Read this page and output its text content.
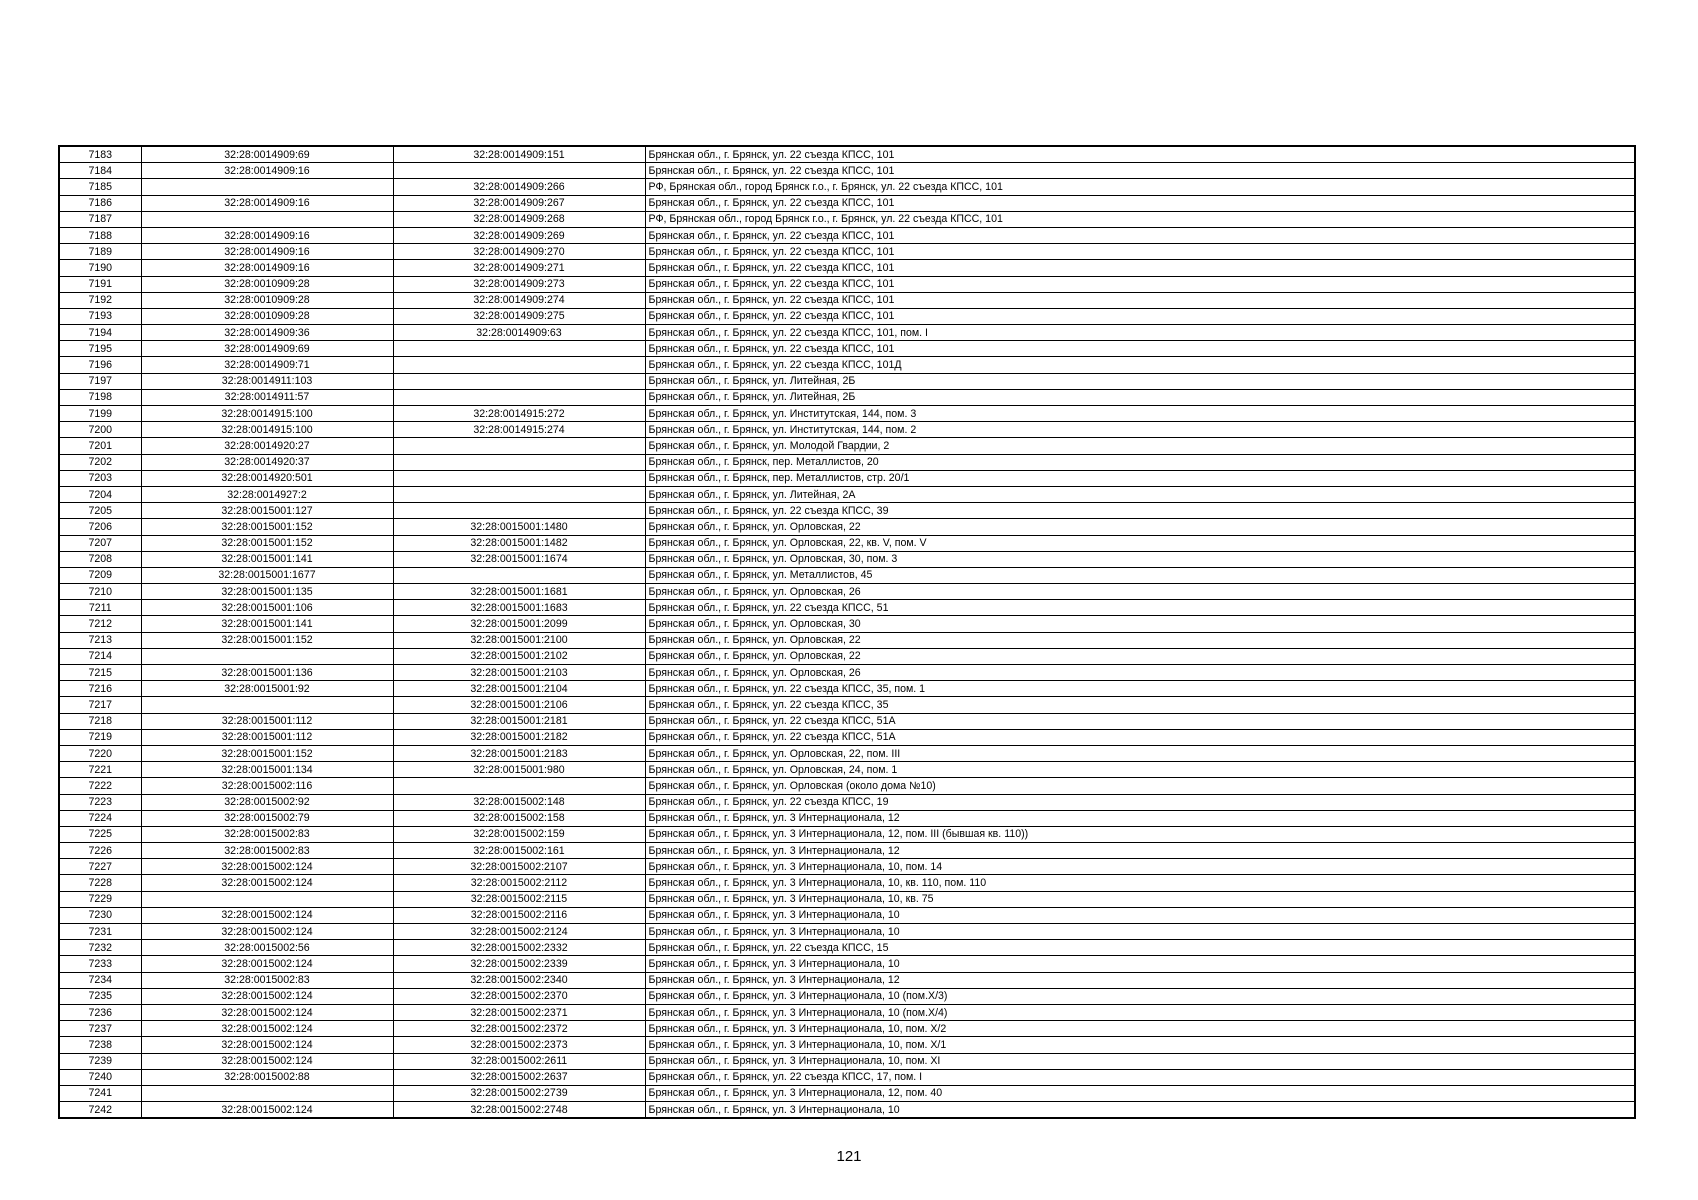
7183	32:28:0014909:69	32:28:0014909:151	Брянская обл., г. Брянск, ул. 22 съезда КПСС, 101
7184	32:28:0014909:16		Брянская обл., г. Брянск, ул. 22 съезда КПСС, 101
7185		32:28:0014909:266	РФ, Брянская обл., город Брянск г.о., г. Брянск, ул. 22 съезда КПСС, 101
7186	32:28:0014909:16	32:28:0014909:267	Брянская обл., г. Брянск, ул. 22 съезда КПСС, 101
7187		32:28:0014909:268	РФ, Брянская обл., город Брянск г.о., г. Брянск, ул. 22 съезда КПСС, 101
7188	32:28:0014909:16	32:28:0014909:269	Брянская обл., г. Брянск, ул. 22 съезда КПСС, 101
7189	32:28:0014909:16	32:28:0014909:270	Брянская обл., г. Брянск, ул. 22 съезда КПСС, 101
7190	32:28:0014909:16	32:28:0014909:271	Брянская обл., г. Брянск, ул. 22 съезда КПСС, 101
7191	32:28:0010909:28	32:28:0014909:273	Брянская обл., г. Брянск, ул. 22 съезда КПСС, 101
7192	32:28:0010909:28	32:28:0014909:274	Брянская обл., г. Брянск, ул. 22 съезда КПСС, 101
7193	32:28:0010909:28	32:28:0014909:275	Брянская обл., г. Брянск, ул. 22 съезда КПСС, 101
7194	32:28:0014909:36	32:28:0014909:63	Брянская обл., г. Брянск, ул. 22 съезда КПСС, 101, пом. I
7195	32:28:0014909:69		Брянская обл., г. Брянск, ул. 22 съезда КПСС, 101
7196	32:28:0014909:71		Брянская обл., г. Брянск, ул. 22 съезда КПСС, 101Д
7197	32:28:0014911:103		Брянская обл., г. Брянск, ул. Литейная, 2Б
7198	32:28:0014911:57		Брянская обл., г. Брянск, ул. Литейная, 2Б
7199	32:28:0014915:100	32:28:0014915:272	Брянская обл., г. Брянск, ул. Институтская, 144, пом. 3
7200	32:28:0014915:100	32:28:0014915:274	Брянская обл., г. Брянск, ул. Институтская, 144, пом. 2
7201	32:28:0014920:27		Брянская обл., г. Брянск, ул. Молодой Гвардии, 2
7202	32:28:0014920:37		Брянская обл., г. Брянск, пер. Металлистов, 20
7203	32:28:0014920:501		Брянская обл., г. Брянск, пер. Металлистов, стр. 20/1
7204	32:28:0014927:2		Брянская обл., г. Брянск, ул. Литейная, 2А
7205	32:28:0015001:127		Брянская обл., г. Брянск, ул. 22 съезда КПСС, 39
7206	32:28:0015001:152	32:28:0015001:1480	Брянская обл., г. Брянск, ул. Орловская, 22
7207	32:28:0015001:152	32:28:0015001:1482	Брянская обл., г. Брянск, ул. Орловская, 22, кв. V, пом. V
7208	32:28:0015001:141	32:28:0015001:1674	Брянская обл., г. Брянск, ул. Орловская, 30, пом. 3
7209	32:28:0015001:1677		Брянская обл., г. Брянск, ул. Металлистов, 45
7210	32:28:0015001:135	32:28:0015001:1681	Брянская обл., г. Брянск, ул. Орловская, 26
7211	32:28:0015001:106	32:28:0015001:1683	Брянская обл., г. Брянск, ул. 22 съезда КПСС, 51
7212	32:28:0015001:141	32:28:0015001:2099	Брянская обл., г. Брянск, ул. Орловская, 30
7213	32:28:0015001:152	32:28:0015001:2100	Брянская обл., г. Брянск, ул. Орловская, 22
7214		32:28:0015001:2102	Брянская обл., г. Брянск, ул. Орловская, 22
7215	32:28:0015001:136	32:28:0015001:2103	Брянская обл., г. Брянск, ул. Орловская, 26
7216	32:28:0015001:92	32:28:0015001:2104	Брянская обл., г. Брянск, ул. 22 съезда КПСС, 35, пом. 1
7217		32:28:0015001:2106	Брянская обл., г. Брянск, ул. 22 съезда КПСС, 35
7218	32:28:0015001:112	32:28:0015001:2181	Брянская обл., г. Брянск, ул. 22 съезда КПСС, 51А
7219	32:28:0015001:112	32:28:0015001:2182	Брянская обл., г. Брянск, ул. 22 съезда КПСС, 51А
7220	32:28:0015001:152	32:28:0015001:2183	Брянская обл., г. Брянск, ул. Орловская, 22, пом. III
7221	32:28:0015001:134	32:28:0015001:980	Брянская обл., г. Брянск, ул. Орловская, 24, пом. 1
7222	32:28:0015002:116		Брянская обл., г. Брянск, ул. Орловская (около дома №10)
7223	32:28:0015002:92	32:28:0015002:148	Брянская обл., г. Брянск, ул. 22 съезда КПСС, 19
7224	32:28:0015002:79	32:28:0015002:158	Брянская обл., г. Брянск, ул. 3 Интернационала, 12
7225	32:28:0015002:83	32:28:0015002:159	Брянская обл., г. Брянск, ул. 3 Интернационала, 12, пом. III (бывшая кв. 110))
7226	32:28:0015002:83	32:28:0015002:161	Брянская обл., г. Брянск, ул. 3 Интернационала, 12
7227	32:28:0015002:124	32:28:0015002:2107	Брянская обл., г. Брянск, ул. 3 Интернационала, 10, пом. 14
7228	32:28:0015002:124	32:28:0015002:2112	Брянская обл., г. Брянск, ул. 3 Интернационала, 10, кв. 110, пом. 110
7229		32:28:0015002:2115	Брянская обл., г. Брянск, ул. 3 Интернационала, 10, кв. 75
7230	32:28:0015002:124	32:28:0015002:2116	Брянская обл., г. Брянск, ул. 3 Интернационала, 10
7231	32:28:0015002:124	32:28:0015002:2124	Брянская обл., г. Брянск, ул. 3 Интернационала, 10
7232	32:28:0015002:56	32:28:0015002:2332	Брянская обл., г. Брянск, ул. 22 съезда КПСС, 15
7233	32:28:0015002:124	32:28:0015002:2339	Брянская обл., г. Брянск, ул. 3 Интернационала, 10
7234	32:28:0015002:83	32:28:0015002:2340	Брянская обл., г. Брянск, ул. 3 Интернационала, 12
7235	32:28:0015002:124	32:28:0015002:2370	Брянская обл., г. Брянск, ул. 3 Интернационала, 10 (пом.Х/3)
7236	32:28:0015002:124	32:28:0015002:2371	Брянская обл., г. Брянск, ул. 3 Интернационала, 10 (пом.Х/4)
7237	32:28:0015002:124	32:28:0015002:2372	Брянская обл., г. Брянск, ул. 3 Интернационала, 10, пом. Х/2
7238	32:28:0015002:124	32:28:0015002:2373	Брянская обл., г. Брянск, ул. 3 Интернационала, 10, пом. Х/1
7239	32:28:0015002:124	32:28:0015002:2611	Брянская обл., г. Брянск, ул. 3 Интернационала, 10, пом. XI
7240	32:28:0015002:88	32:28:0015002:2637	Брянская обл., г. Брянск, ул. 22 съезда КПСС, 17, пом. I
7241		32:28:0015002:2739	Брянская обл., г. Брянск, ул. 3 Интернационала, 12, пом. 40
7242	32:28:0015002:124	32:28:0015002:2748	Брянская обл., г. Брянск, ул. 3 Интернационала, 10
121
